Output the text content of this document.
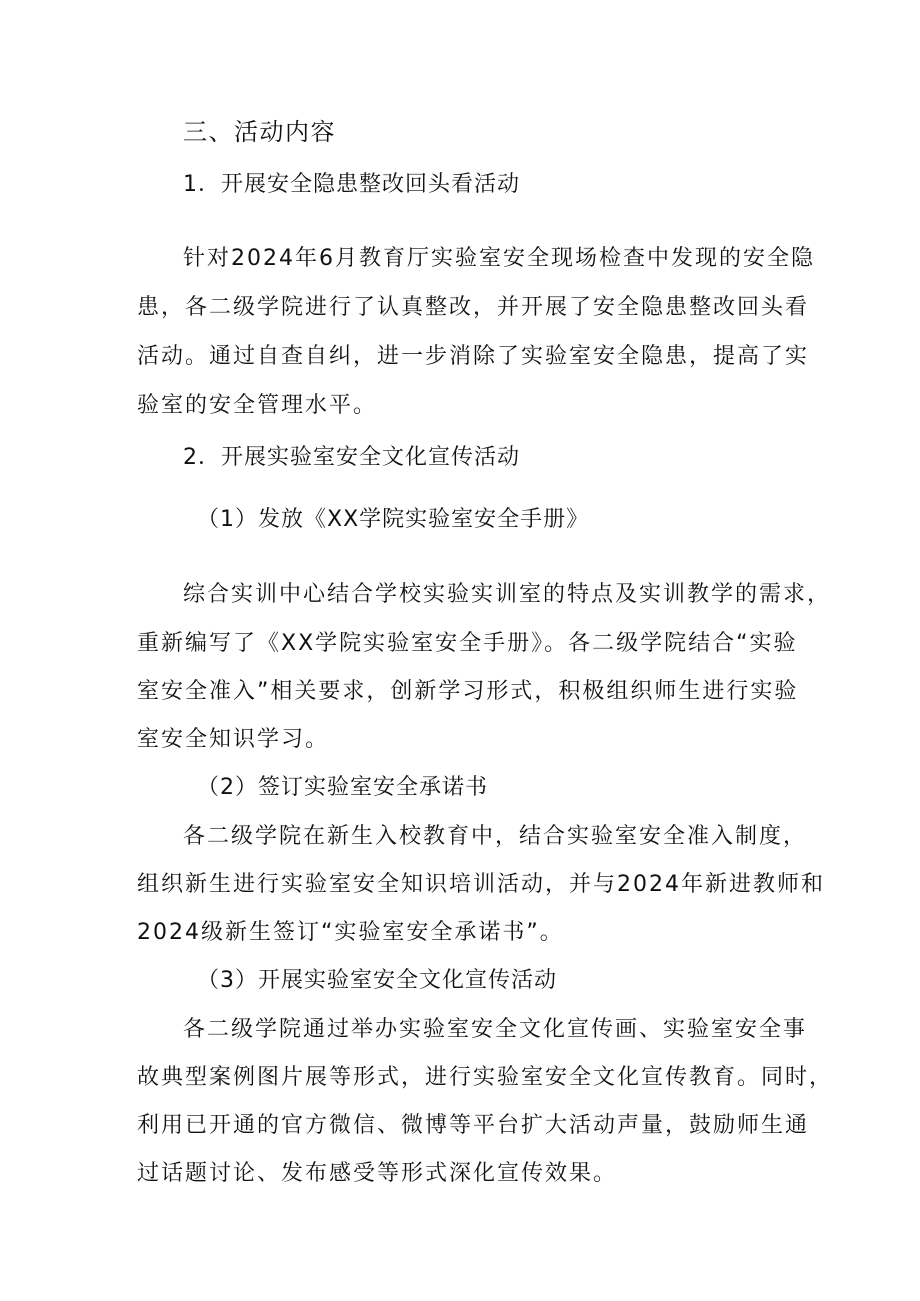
三、活动内容
1．开展安全隐患整改回头看活动
针对2024年6月教育厅实验室安全现场检查中发现的安全隐
患，各二级学院进行了认真整改，并开展了安全隐患整改回头看
活动。通过自查自纠，进一步消除了实验室安全隐患，提高了实
验室的安全管理水平。
2．开展实验室安全文化宣传活动
（1）发放《XX学院实验室安全手册》
综合实训中心结合学校实验实训室的特点及实训教学的需求，
重新编写了《XX学院实验室安全手册》。各二级学院结合“实验
室安全准入”相关要求，创新学习形式，积极组织师生进行实验
室安全知识学习。
（2）签订实验室安全承诺书
各二级学院在新生入校教育中，结合实验室安全准入制度，
组织新生进行实验室安全知识培训活动，并与2024年新进教师和
2024级新生签订“实验室安全承诺书”。
（3）开展实验室安全文化宣传活动
各二级学院通过举办实验室安全文化宣传画、实验室安全事
故典型案例图片展等形式，进行实验室安全文化宣传教育。同时，
利用已开通的官方微信、微博等平台扩大活动声量，鼓励师生通
过话题讨论、发布感受等形式深化宣传效果。
